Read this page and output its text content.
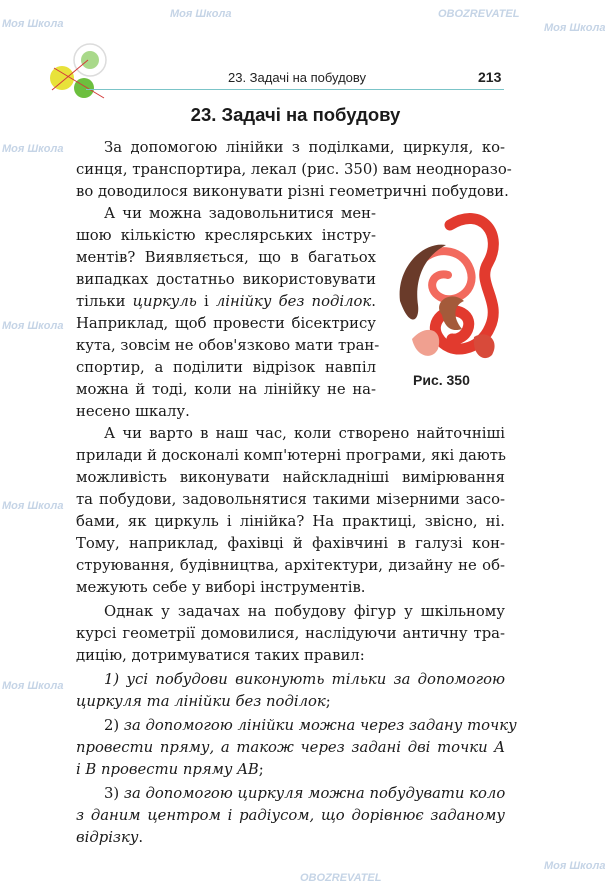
23. Задачі на побудову	213
23. Задачі на побудову
За допомогою лінійки з поділками, циркуля, ко-
синця, транспортира, лекал (рис. 350) вам неодноразо-
во доводилося виконувати різні геометричні побудови.
А чи можна задовольнитися мен-
шою кількістю креслярських інстру-
ментів? Виявляється, що в багатьох
випадках достатньо використовувати
тільки циркуль і лінійку без поділок.
Наприклад, щоб провести бісектрису
кута, зовсім не обов'язково мати тран-
спортир, а поділити відрізок навпіл
можна й тоді, коли на лінійку не на-
несено шкалу.
А чи варто в наш час, коли створено найточніші
прилади й досконалі комп'ютерні програми, які дають
можливість виконувати найскладніші вимірювання
та побудови, задовольнятися такими мізерними засо-
бами, як циркуль і лінійка? На практиці, звісно, ні.
Тому, наприклад, фахівці й фахівчині в галузі кон-
струювання, будівництва, архітектури, дизайну не об-
межують себе у виборі інструментів.
Однак у задачах на побудову фігур у шкільному
курсі геометрії домовилися, наслідуючи античну тра-
дицію, дотримуватися таких правил:
1) усі побудови виконують тільки за допомогою
циркуля та лінійки без поділок;
2) за допомогою лінійки можна через задану точку
провести пряму, а також через задані дві точки A
і B провести пряму AB;
3) за допомогою циркуля можна побудувати коло
з даним центром і радіусом, що дорівнює заданому
відрізку.
Рис. 350
Моя Школа
Моя Школа
Моя Школа
Моя Школа
Моя Школа
Моя Школа	OBOZREVATEL
Моя Школа
Моя Школа
OBOZREVATEL
